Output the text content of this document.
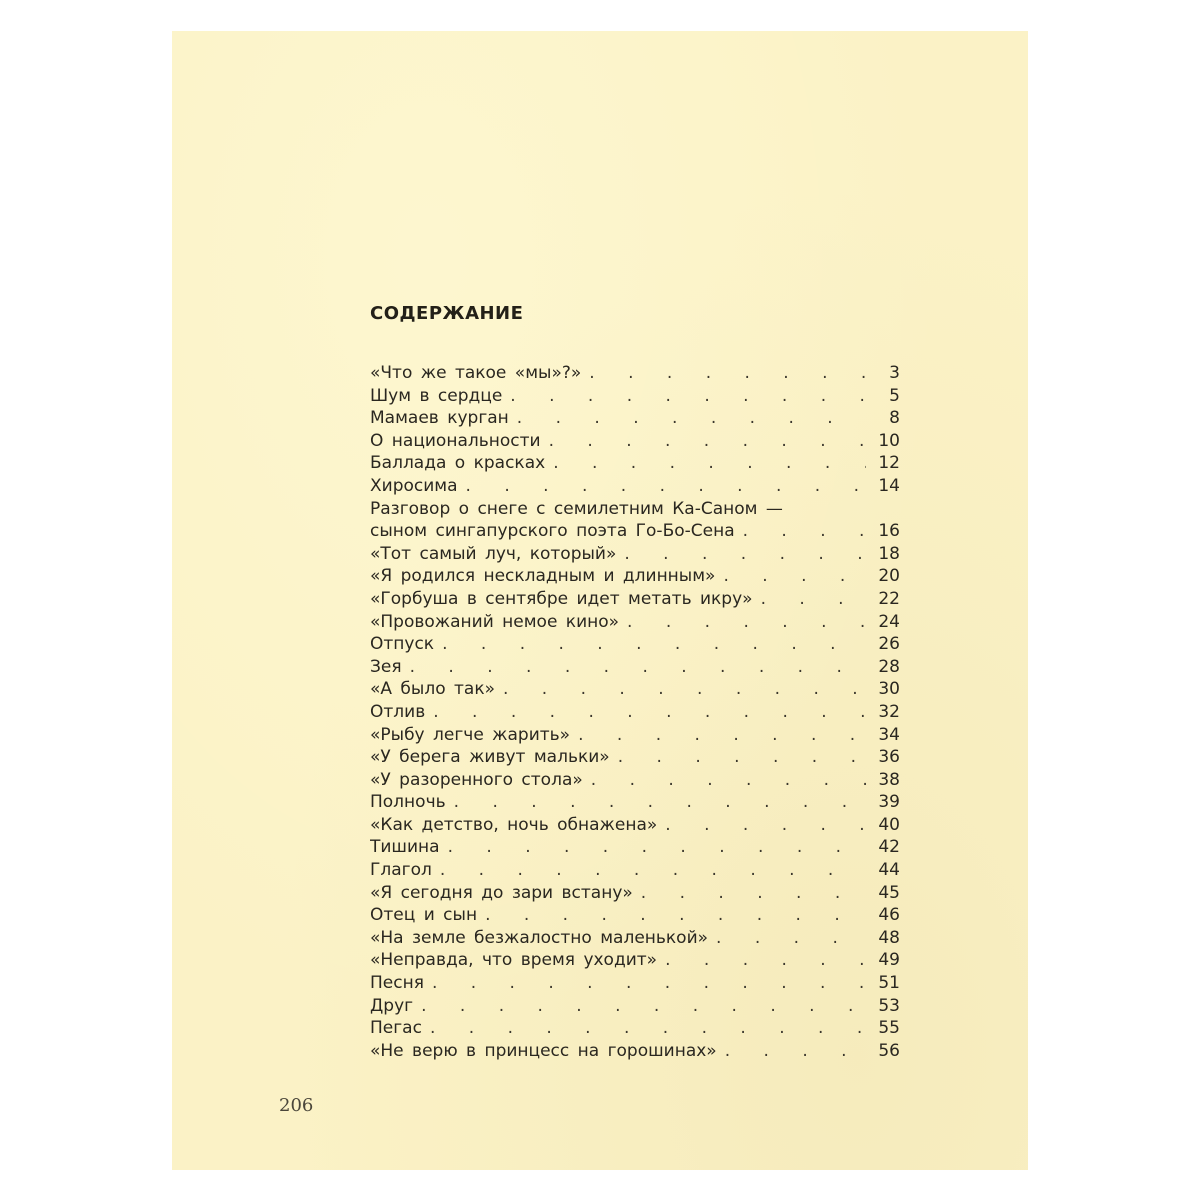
СОДЕРЖАНИЕ
«Что же такое «мы»?» . . .	3
Шум в сердце . . .	5
Мамаев курган . . .	8
О национальности . . .	10
Баллада о красках . . .	12
Хиросима . . .	14
Разговор о снеге с семилетним Ка-Саном —
сыном сингапурского поэта Го-Бо-Сена . . .	16
«Тот самый луч, который» . . .	18
«Я родился нескладным и длинным» . . .	20
«Горбуша в сентябре идет метать икру» . . .	22
«Провожаний немое кино» . . .	24
Отпуск . . .	26
Зея . . .	28
«А было так» . . .	30
Отлив . . .	32
«Рыбу легче жарить» . . .	34
«У берега живут мальки» . . .	36
«У разоренного стола» . . .	38
Полночь . . .	39
«Как детство, ночь обнажена» . . .	40
Тишина . . .	42
Глагол . . .	44
«Я сегодня до зари встану» . . .	45
Отец и сын . . .	46
«На земле безжалостно маленькой» . . .	48
«Неправда, что время уходит» . . .	49
Песня . . .	51
Друг . . .	53
Пегас . . .	55
«Не верю в принцесс на горошинах» . . .	56
206
